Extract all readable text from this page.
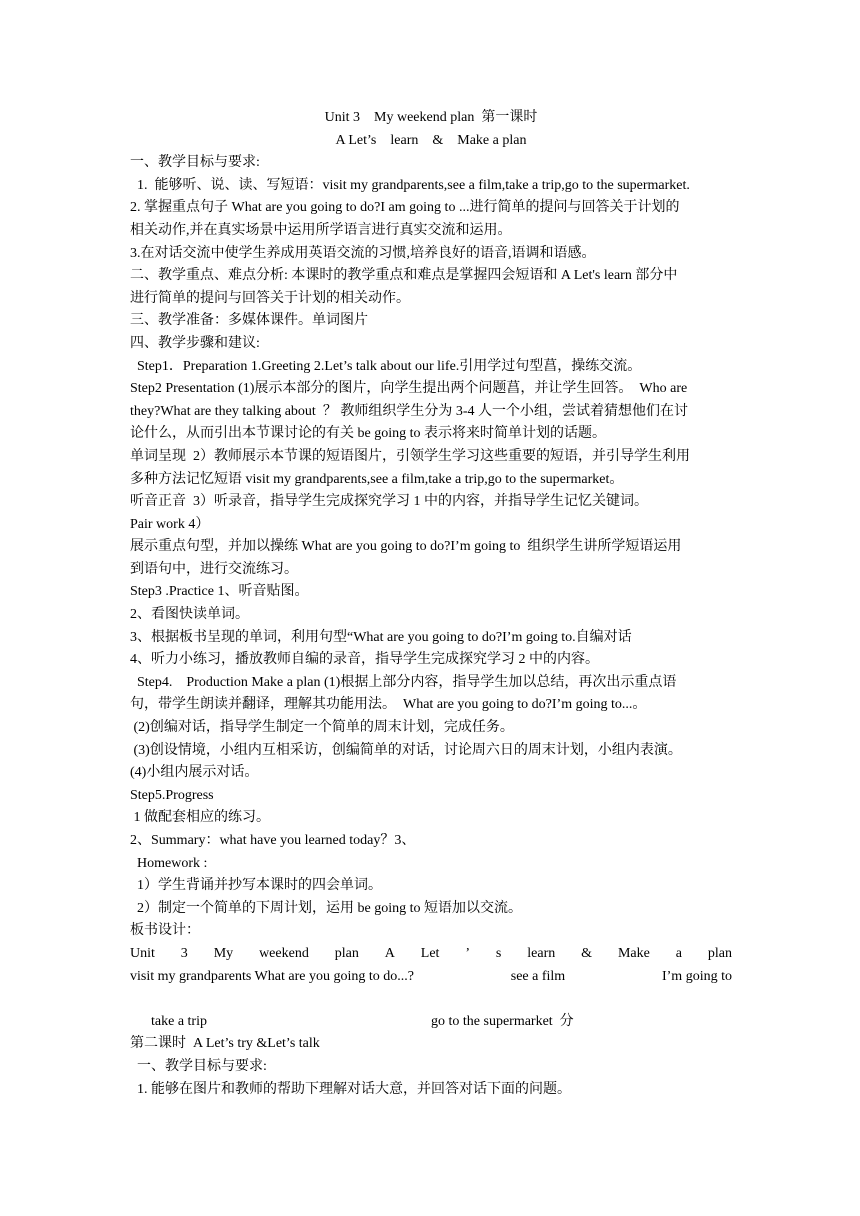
Unit 3    My weekend plan  第一课时
A Let’s    learn    &    Make a plan
一、教学目标与要求:
1.  能够听、说、读、写短语：visit my grandparents,see a film,take a trip,go to the supermarket.
2. 掌握重点句子 What are you going to do?I am going to ...进行简单的提问与回答关于计划的
相关动作,并在真实场景中运用所学语言进行真实交流和运用。
3.在对话交流中使学生养成用英语交流的习惯,培养良好的语音,语调和语感。
二、教学重点、难点分析: 本课时的教学重点和难点是掌握四会短语和 A Let's learn 部分中
进行简单的提问与回答关于计划的相关动作。
三、教学准备：多媒体课件。单词图片
四、教学步骤和建议:
Step1．Preparation 1.Greeting 2.Let’s talk about our life.引用学过句型菖，操练交流。
Step2 Presentation (1)展示本部分的图片，向学生提出两个问题菖，并让学生回答。  Who are
they?What are they talking about  ？ 教师组织学生分为 3-4 人一个小组，尝试着猜想他们在讨
论什么，从而引出本节课讨论的有关 be going to 表示将来时简单计划的话题。
单词呈现  2）教师展示本节课的短语图片，引领学生学习这些重要的短语，并引导学生利用
多种方法记忆短语 visit my grandparents,see a film,take a trip,go to the supermarket。
听音正音  3）听录音，指导学生完成探究学习 1 中的内容，并指导学生记忆关键词。
Pair work 4）
展示重点句型，并加以操练 What are you going to do?I’m going to  组织学生讲所学短语运用
到语句中，进行交流练习。
Step3 .Practice 1、听音贴图。
2、看图快读单词。
3、根据板书呈现的单词，利用句型“What are you going to do?I’m going to.自编对话
4、听力小练习，播放教师自编的录音，指导学生完成探究学习 2 中的内容。
Step4.    Production Make a plan (1)根据上部分内容，指导学生加以总结，再次出示重点语
句，带学生朗读并翻译，理解其功能用法。  What are you going to do?I’m going to...。
(2)创编对话，指导学生制定一个简单的周末计划，完成任务。
(3)创设情境，小组内互相采访，创编简单的对话，讨论周六日的周末计划，小组内表演。
(4)小组内展示对话。
Step5.Progress
1 做配套相应的练习。
2、Summary：what have you learned today？3、
Homework :
1）学生背诵并抄写本课时的四会单词。
2）制定一个简单的下周计划，运用 be going to 短语加以交流。
板书设计：
Unit 3 My weekend plan A Let ’ s learn & Make a plan
visit my grandparents What are you going to do...?	see a film	I’m going to

take a trip	go to the supermarket  分

第二课时  A Let’s try &Let’s talk
一、教学目标与要求:
1. 能够在图片和教师的帮助下理解对话大意，并回答对话下面的问题。
